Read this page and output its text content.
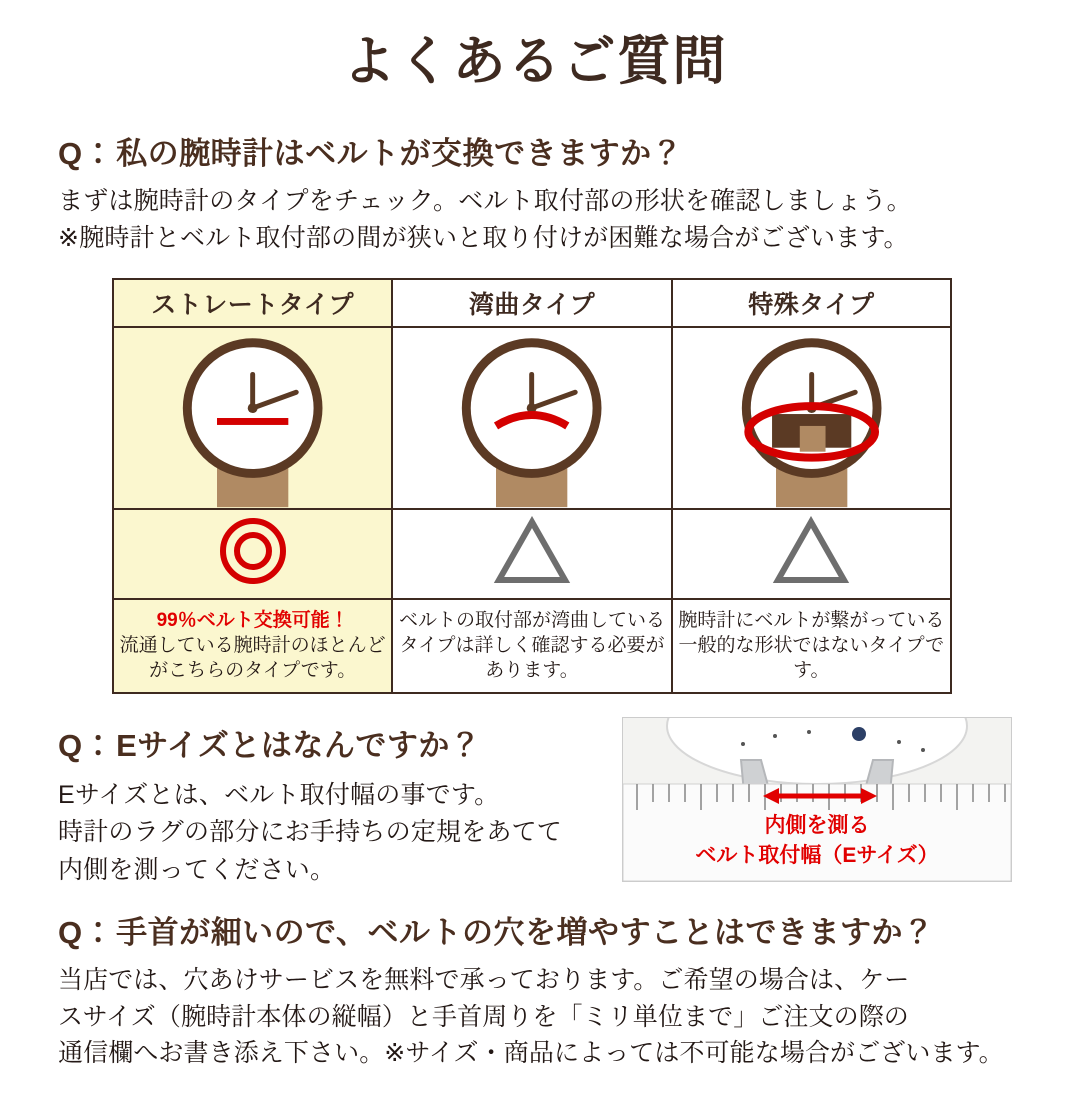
よくあるご質問
Q： 私の腕時計はベルトが交換できますか？
まずは腕時計のタイプをチェック。ベルト取付部の形状を確認しましょう。
※腕時計とベルト取付部の間が狭いと取り付けが困難な場合がございます。
ストレートタイプ	湾曲タイプ	特殊タイプ

99％ベルト交換可能！
流通している腕時計のほとんどがこちらのタイプです。	ベルトの取付部が湾曲しているタイプは詳しく確認する必要があります。	腕時計にベルトが繋がっている一般的な形状ではないタイプです。
Q： Eサイズとはなんですか？
Eサイズとは、ベルト取付幅の事です。
時計のラグの部分にお手持ちの定規をあてて
内側を測ってください。
内側を測る
ベルト取付幅（Eサイズ）
Q： 手首が細いので、ベルトの穴を増やすことはできますか？
当店では、穴あけサービスを無料で承っております。ご希望の場合は、ケー
スサイズ（腕時計本体の縦幅）と手首周りを「ミリ単位まで」ご注文の際の
通信欄へお書き添え下さい。※サイズ・商品によっては不可能な場合がございます。
